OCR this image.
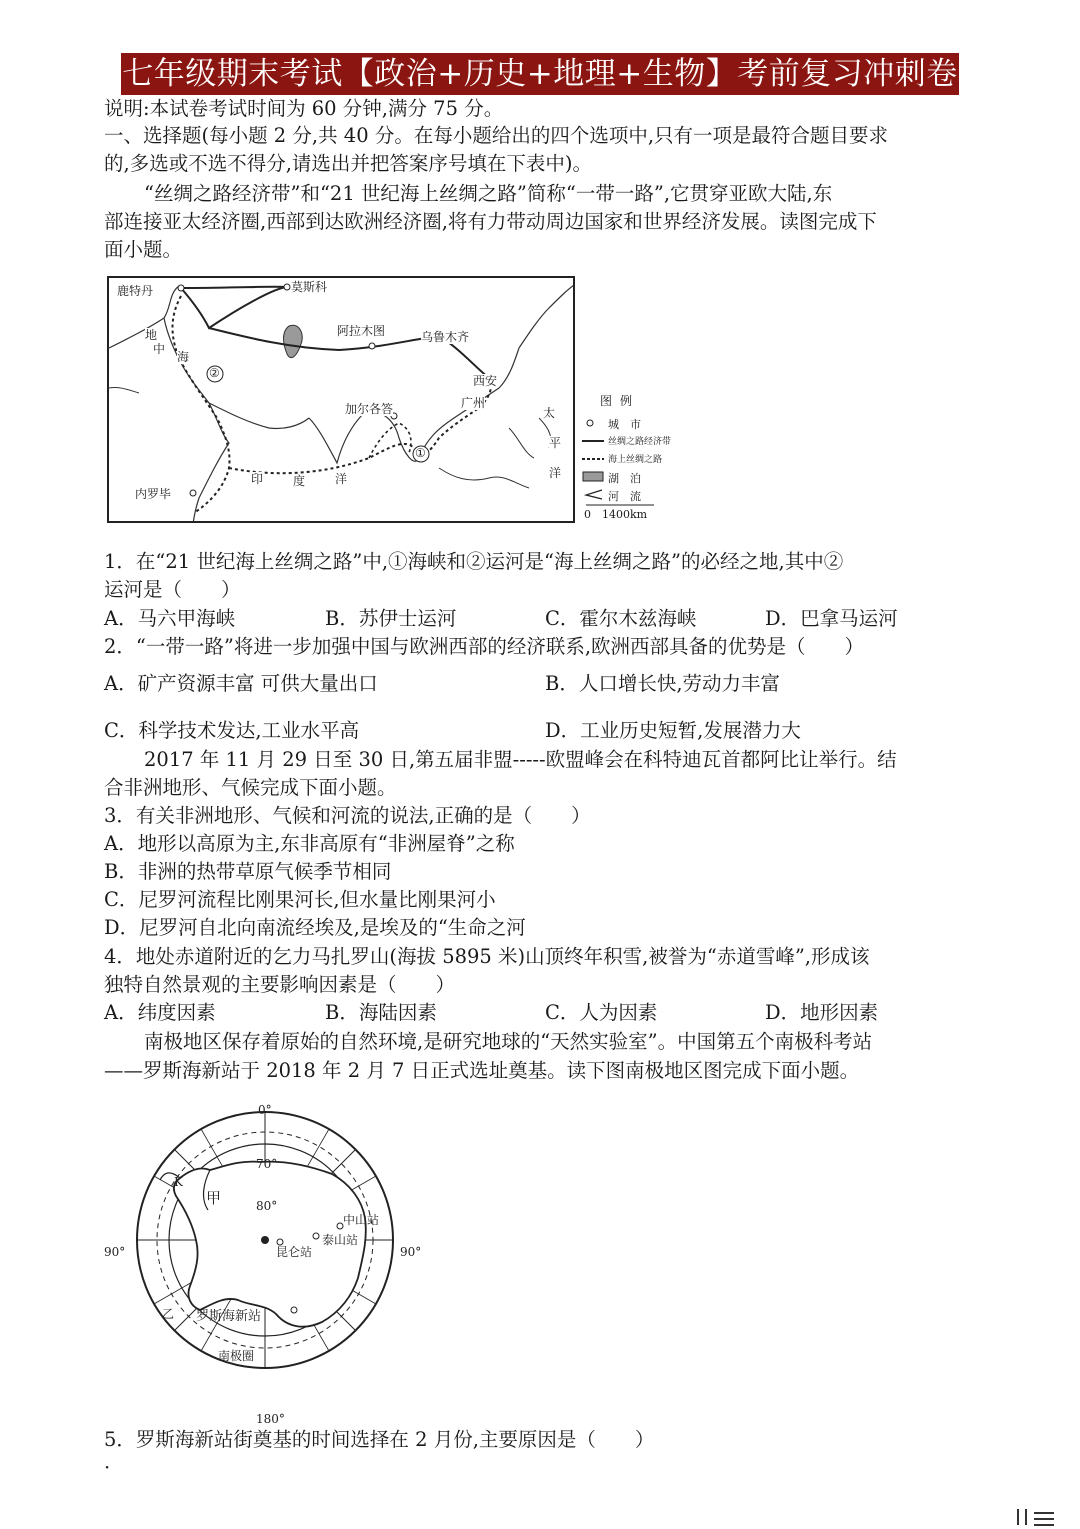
七年级期末考试【政治+历史+地理+生物】考前复习冲刺卷
说明:本试卷考试时间为 60 分钟,满分 75 分。
一、选择题(每小题 2 分,共 40 分。在每小题给出的四个选项中,只有一项是最符合题目要求
的,多选或不选不得分,请选出并把答案序号填在下表中)。
“丝绸之路经济带”和“21 世纪海上丝绸之路”简称“一带一路”,它贯穿亚欧大陆,东
部连接亚太经济圈,西部到达欧洲经济圈,将有力带动周边国家和世界经济发展。读图完成下
面小题。
鹿特丹	莫斯科
阿拉木图	乌鲁木齐
西安
广州
加尔各答
内罗毕
印 度 洋
太
平
洋
地
中
海
①
②
图例
城　市
丝绸之路经济带
海上丝绸之路
湖　泊
河　流
0 1400km
1．在“21 世纪海上丝绸之路”中,①海峡和②运河是“海上丝绸之路”的必经之地,其中②
运河是（　　）
A．马六甲海峡	B．苏伊士运河	C．霍尔木兹海峡	D．巴拿马运河
2．“一带一路”将进一步加强中国与欧洲西部的经济联系,欧洲西部具备的优势是（　　）
A．矿产资源丰富 可供大量出口	B．人口增长快,劳动力丰富
C．科学技术发达,工业水平高	D．工业历史短暂,发展潜力大
2017 年 11 月 29 日至 30 日,第五届非盟-----欧盟峰会在科特迪瓦首都阿比让举行。结
合非洲地形、气候完成下面小题。
3．有关非洲地形、气候和河流的说法,正确的是（　　）
A．地形以高原为主,东非高原有“非洲屋脊”之称
B．非洲的热带草原气候季节相同
C．尼罗河流程比刚果河长,但水量比刚果河小
D．尼罗河自北向南流经埃及,是埃及的“生命之河
4．地处赤道附近的乞力马扎罗山(海拔 5895 米)山顶终年积雪,被誉为“赤道雪峰”,形成该
独特自然景观的主要影响因素是（　　）
A．纬度因素	B．海陆因素	C．人为因素	D．地形因素
南极地区保存着原始的自然环境,是研究地球的“天然实验室”。中国第五个南极科考站
——罗斯海新站于 2018 年 2 月 7 日正式选址奠基。读下图南极地区图完成下面小题。
0°
90°	90°
180°
70°
80°
K
甲
乙
中山站
泰山站
昆仑站
罗斯海新站
南极圈
5．罗斯海新站街奠基的时间选择在 2 月份,主要原因是（　　）
·
